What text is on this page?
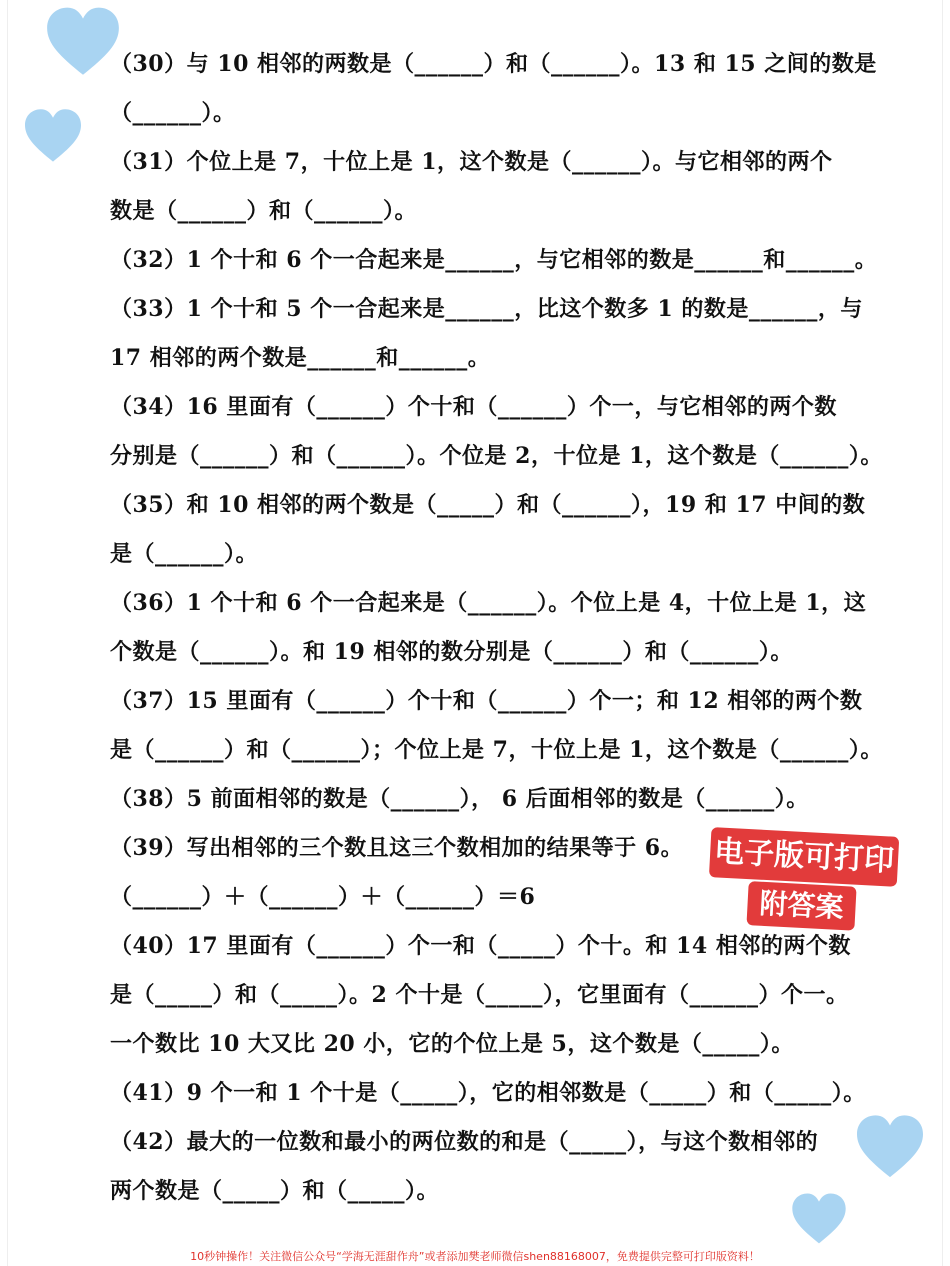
（30）与 10 相邻的两数是（______）和（______）。13 和 15 之间的数是
（______）。
（31）个位上是 7，十位上是 1，这个数是（______）。与它相邻的两个
数是（______）和（______）。
（32）1 个十和 6 个一合起来是______，与它相邻的数是______和______。
（33）1 个十和 5 个一合起来是______，比这个数多 1 的数是______，与
17 相邻的两个数是______和______。
（34）16 里面有（______）个十和（______）个一，与它相邻的两个数
分别是（______）和（______）。个位是 2，十位是 1，这个数是（______）。
（35）和 10 相邻的两个数是（_____）和（______），19 和 17 中间的数
是（______）。
（36）1 个十和 6 个一合起来是（______）。个位上是 4，十位上是 1，这
个数是（______）。和 19 相邻的数分别是（______）和（______）。
（37）15 里面有（______）个十和（______）个一；和 12 相邻的两个数
是（______）和（______）；个位上是 7，十位上是 1，这个数是（______）。
（38）5 前面相邻的数是（______）， 6 后面相邻的数是（______）。
（39）写出相邻的三个数且这三个数相加的结果等于 6。
（______）＋（______）＋（______）＝6
（40）17 里面有（______）个一和（_____）个十。和 14 相邻的两个数
是（_____）和（_____）。2 个十是（_____），它里面有（______）个一。
一个数比 10 大又比 20 小，它的个位上是 5，这个数是（_____）。
（41）9 个一和 1 个十是（_____），它的相邻数是（_____）和（_____）。
（42）最大的一位数和最小的两位数的和是（_____），与这个数相邻的
两个数是（_____）和（_____）。
电子版可打印
附答案
10秒钟操作！关注微信公众号“学海无涯甜作舟”或者添加樊老师微信shen88168007，免费提供完整可打印版资料！
